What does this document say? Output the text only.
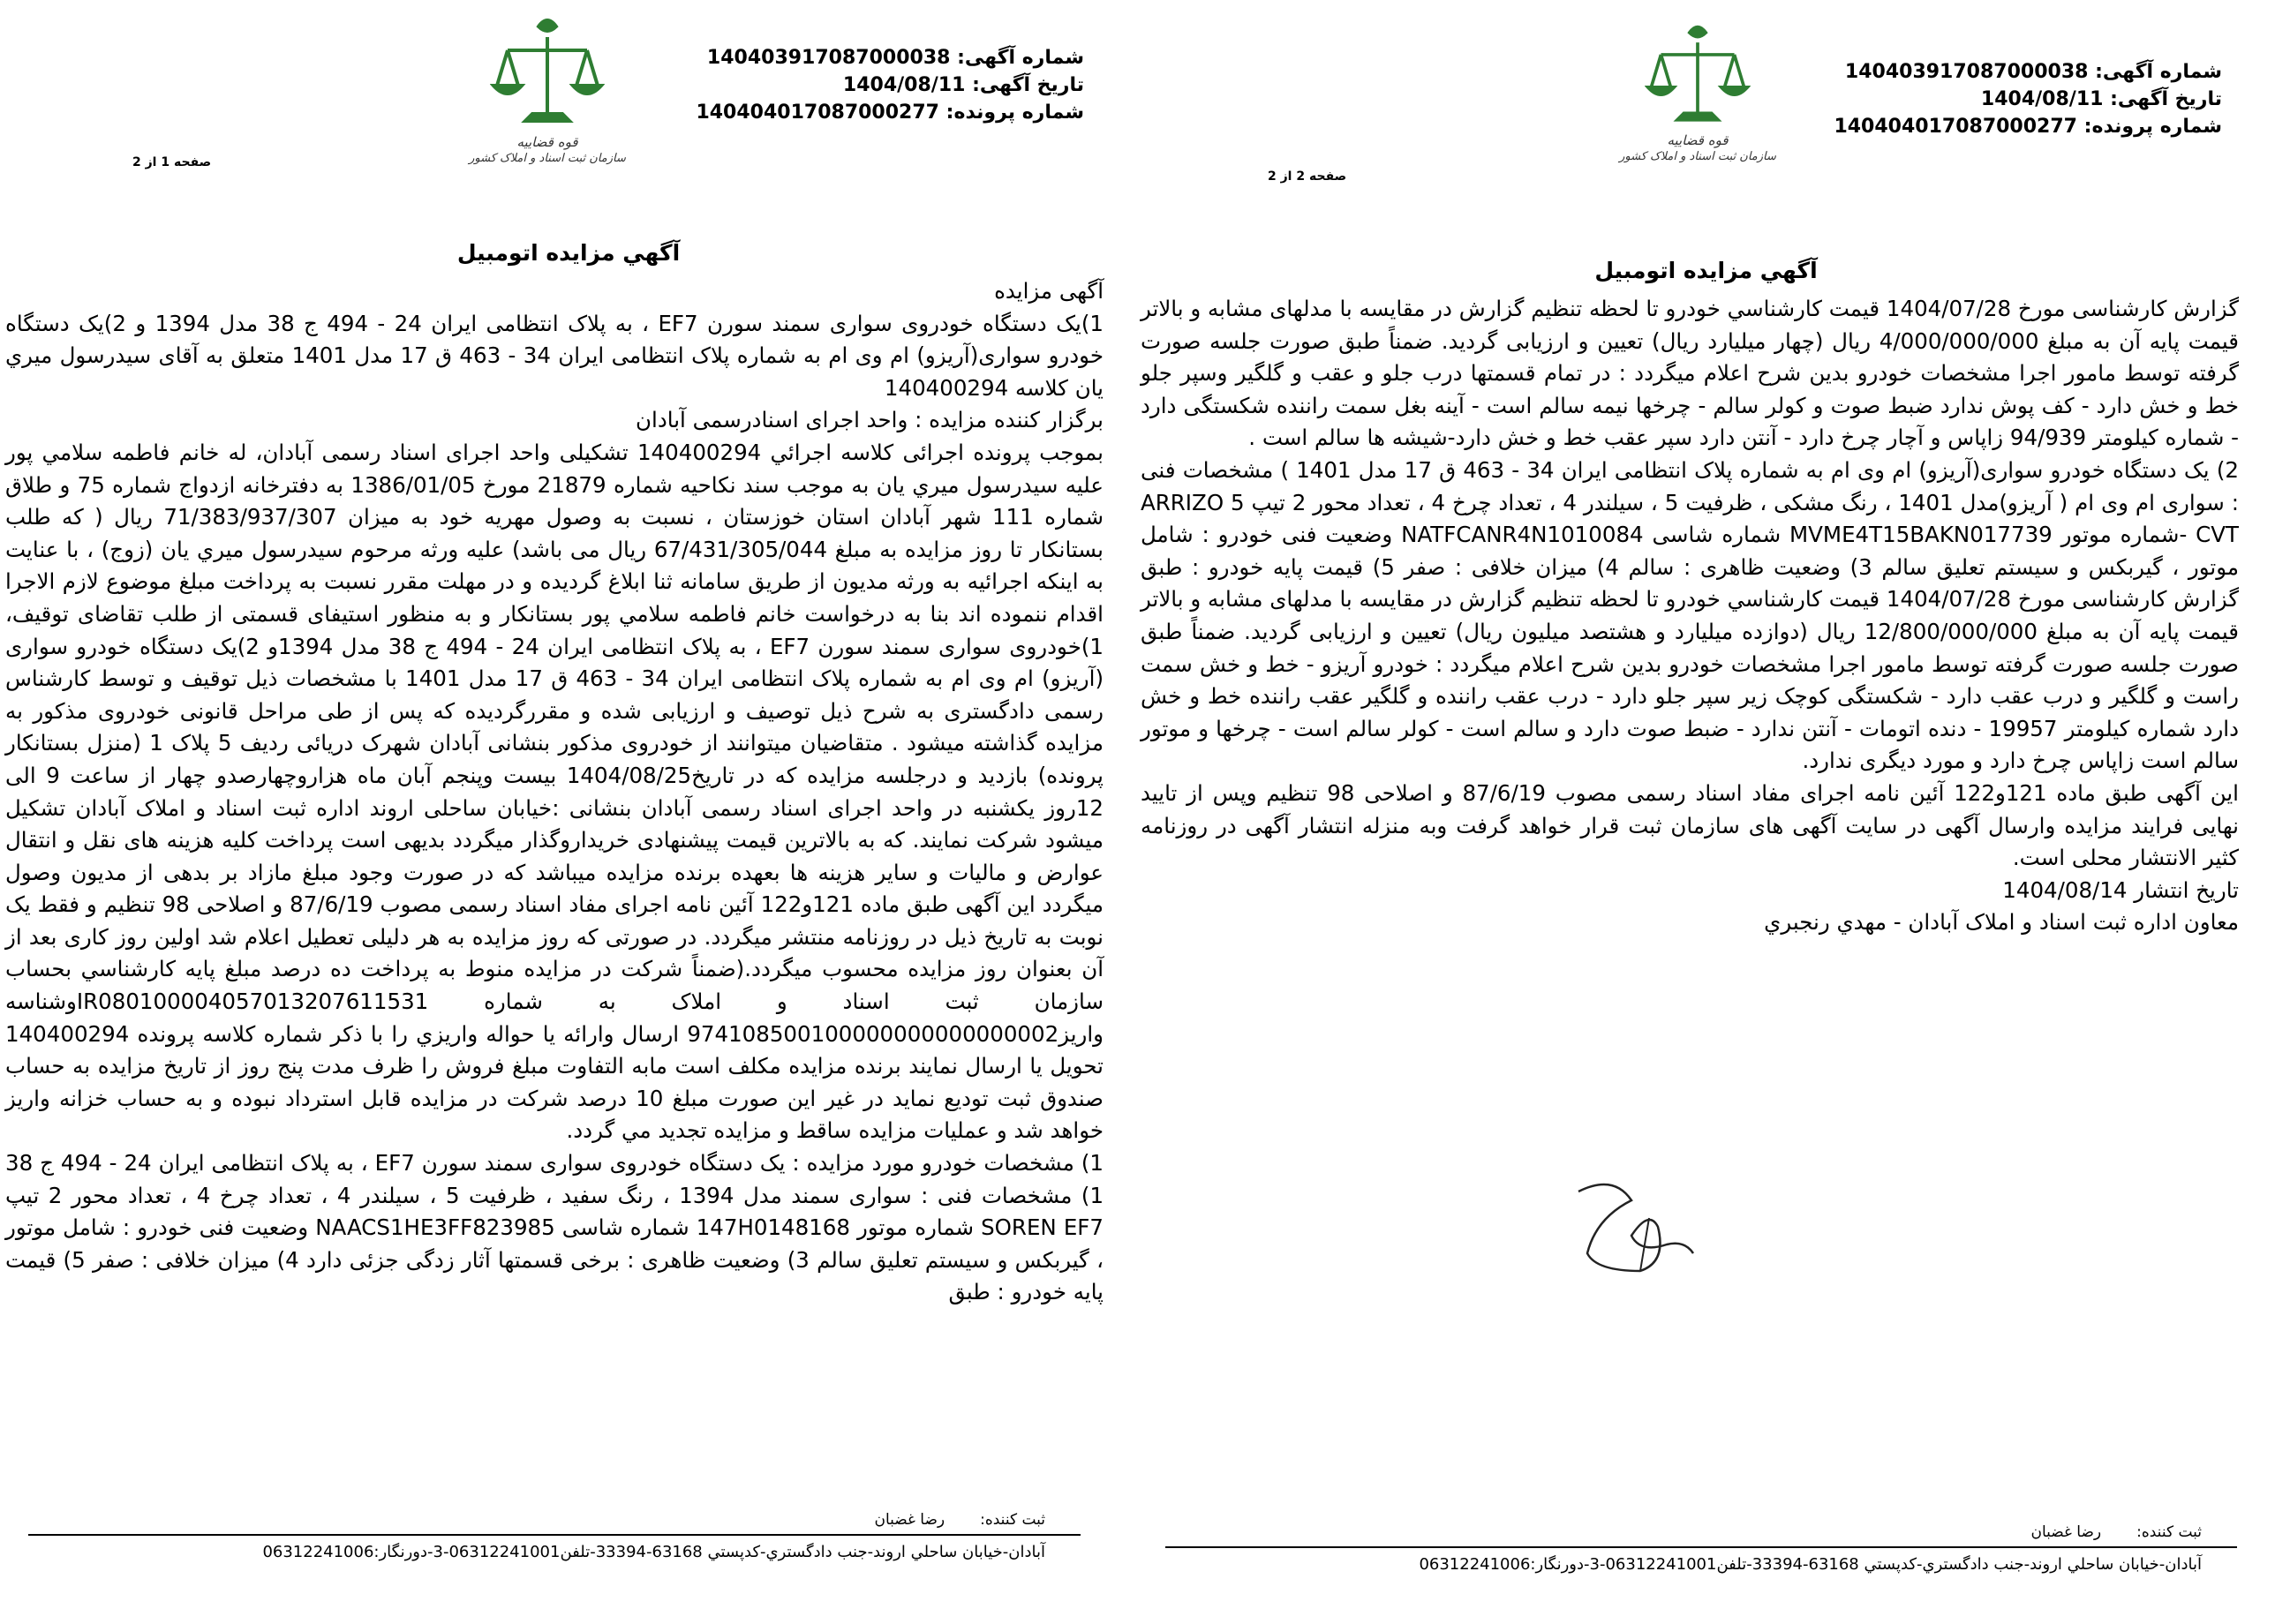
قوه قضاییه
سازمان ثبت اسناد و املاک کشور
شماره آگهی: 140403917087000038
تاریخ آگهی: 1404/08/11
شماره پرونده: 140404017087000277
صفحه 1 از 2
آگهي مزایده اتومبیل

آگهی مزایده

1)یک دستگاه خودروی سواری سمند سورن EF7 ، به پلاک انتظامی ایران 24 - 494 ج 38 مدل 1394 و 2)یک دستگاه خودرو سواری(آریزو) ام وی ام به شماره پلاک انتظامی ایران 34 - 463 ق 17 مدل 1401 متعلق به آقای سیدرسول میري یان کلاسه 140400294

برگزار کننده مزایده : واحد اجرای اسنادرسمی آبادان

بموجب پرونده اجرائی کلاسه اجرائي 140400294 تشکیلی واحد اجرای اسناد رسمی آبادان، له خانم فاطمه سلامي پور علیه سیدرسول میري یان به موجب سند نکاحیه شماره 21879 مورخ 1386/01/05 به دفترخانه ازدواج شماره 75 و طلاق شماره 111 شهر آبادان استان خوزستان ، نسبت به وصول مهریه خود به میزان 71/383/937/307 ریال ( که طلب بستانکار تا روز مزایده به مبلغ 67/431/305/044 ریال می باشد) علیه ورثه مرحوم سیدرسول میري یان (زوج) ، با عنایت به اینکه اجرائیه به ورثه مدیون از طریق سامانه ثنا ابلاغ گردیده و در مهلت مقرر نسبت به پرداخت مبلغ موضوع لازم الاجرا اقدام ننموده اند بنا به درخواست خانم فاطمه سلامي پور بستانکار و به منظور استیفای قسمتی از طلب تقاضای توقیف، 1)خودروی سواری سمند سورن EF7 ، به پلاک انتظامی ایران 24 - 494 ج 38 مدل 1394و 2)یک دستگاه خودرو سواری (آریزو) ام وی ام به شماره پلاک انتظامی ایران 34 - 463 ق 17 مدل 1401 با مشخصات ذیل توقیف و توسط کارشناس رسمی دادگستری به شرح ذیل توصیف و ارزیابی شده و مقررگردیده که پس از طی مراحل قانونی خودروی مذکور به مزایده گذاشته میشود . متقاضیان میتوانند از خودروی مذکور بنشانی آبادان شهرک دریائی ردیف 5 پلاک 1 (منزل بستانکار پرونده) بازدید و درجلسه مزایده که در تاریخ1404/08/25 بیست وپنجم آبان ماه هزاروچهارصدو چهار از ساعت 9 الی 12روز یکشنبه در واحد اجرای اسناد رسمی آبادان بنشانی :خیابان ساحلی اروند اداره ثبت اسناد و املاک آبادان تشکیل میشود شرکت نمایند. که به بالاترین قیمت پیشنهادی خریداروگذار میگردد بدیهی است پرداخت کلیه هزینه های نقل و انتقال عوارض و مالیات و سایر هزینه ها بعهده برنده مزایده میباشد که در صورت وجود مبلغ مازاد بر بدهی از مدیون وصول میگردد این آگهی طبق ماده 121و122 آئین نامه اجرای مفاد اسناد رسمی مصوب 87/6/19 و اصلاحی 98 تنظیم و فقط یک نوبت به تاریخ ذیل در روزنامه منتشر میگردد. در صورتی که روز مزایده به هر دلیلی تعطیل اعلام شد اولین روز کاری بعد از آن بعنوان روز مزایده محسوب میگردد.(ضمناً شرکت در مزایده منوط به پرداخت ده درصد مبلغ پایه کارشناسي بحساب سازمان ثبت اسناد و املاک به شماره IR080100004057013207611531وشناسه واریز974108500100000000000000002 ارسال وارائه یا حواله واریزي را با ذکر شماره کلاسه پرونده 140400294 تحویل یا ارسال نمایند برنده مزایده مکلف است مابه التفاوت مبلغ فروش را ظرف مدت پنج روز از تاریخ مزایده به حساب صندوق ثبت تودیع نماید در غیر این صورت مبلغ 10 درصد شرکت در مزایده قابل استرداد نبوده و به حساب خزانه واریز خواهد شد و عملیات مزایده ساقط و مزایده تجدید مي گردد.

1) مشخصات خودرو مورد مزایده : یک دستگاه خودروی سواری سمند سورن EF7 ، به پلاک انتظامی ایران 24 - 494 ج 38 1) مشخصات فنی : سواری سمند مدل 1394 ، رنگ سفید ، ظرفیت 5 ، سیلندر 4 ، تعداد چرخ 4 ، تعداد محور 2 تیپ SOREN EF7 شماره موتور 147H0148168 شماره شاسی NAACS1HE3FF823985 وضعیت فنی خودرو : شامل موتور ، گیربکس و سیستم تعلیق سالم 3) وضعیت ظاهری : برخی قسمتها آثار زدگی جزئی دارد 4) میزان خلافی : صفر 5) قیمت پایه خودرو : طبق

ثبت کننده:
رضا غضبان
آبادان-خیابان ساحلي اروند-جنب دادگستري-کدپستي 63168-33394-تلفن06312241001-3-دورنگار:06312241006
قوه قضاییه
سازمان ثبت اسناد و املاک کشور
شماره آگهی: 140403917087000038
تاریخ آگهی: 1404/08/11
شماره پرونده: 140404017087000277
صفحه 2 از 2
آگهي مزایده اتومبیل

گزارش کارشناسی مورخ 1404/07/28 قیمت کارشناسي خودرو تا لحظه تنظیم گزارش در مقایسه با مدلهای مشابه و بالاتر قیمت پایه آن به مبلغ 4/000/000/000 ریال (چهار میلیارد ریال) تعیین و ارزیابی گردید. ضمناً طبق صورت جلسه صورت گرفته توسط مامور اجرا مشخصات خودرو بدین شرح اعلام میگردد : در تمام قسمتها درب جلو و عقب و گلگیر وسپر جلو خط و خش دارد - کف پوش ندارد ضبط صوت و کولر سالم - چرخها نیمه سالم است - آینه بغل سمت راننده شکستگی دارد - شماره کیلومتر 94/939 زاپاس و آچار چرخ دارد - آنتن دارد سپر عقب خط و خش دارد-شیشه ها سالم است .

2) یک دستگاه خودرو سواری(آریزو) ام وی ام به شماره پلاک انتظامی ایران 34 - 463 ق 17 مدل 1401 ) مشخصات فنی : سواری ام وی ام ( آریزو)مدل 1401 ، رنگ مشکی ، ظرفیت 5 ، سیلندر 4 ، تعداد چرخ 4 ، تعداد محور 2 تیپ ARRIZO 5 - CVTشماره موتور MVME4T15BAKN017739 شماره شاسی NATFCANR4N1010084 وضعیت فنی خودرو : شامل موتور ، گیربکس و سیستم تعلیق سالم 3) وضعیت ظاهری : سالم 4) میزان خلافی : صفر 5) قیمت پایه خودرو : طبق گزارش کارشناسی مورخ 1404/07/28 قیمت کارشناسي خودرو تا لحظه تنظیم گزارش در مقایسه با مدلهای مشابه و بالاتر قیمت پایه آن به مبلغ 12/800/000/000 ریال (دوازده میلیارد و هشتصد میلیون ریال) تعیین و ارزیابی گردید. ضمناً طبق صورت جلسه صورت گرفته توسط مامور اجرا مشخصات خودرو بدین شرح اعلام میگردد : خودرو آریزو - خط و خش سمت راست و گلگیر و درب عقب دارد - شکستگی کوچک زیر سپر جلو دارد - درب عقب راننده و گلگیر عقب راننده خط و خش دارد شماره کیلومتر 19957 - دنده اتومات - آنتن ندارد - ضبط صوت دارد و سالم است - کولر سالم است - چرخها و موتور سالم است زاپاس چرخ دارد و مورد دیگری ندارد.

این آگهی طبق ماده 121و122 آئین نامه اجرای مفاد اسناد رسمی مصوب 87/6/19 و اصلاحی 98 تنظیم وپس از تایید نهایی فرایند مزایده وارسال آگهی در سایت آگهی های سازمان ثبت قرار خواهد گرفت وبه منزله انتشار آگهی در روزنامه کثیر الانتشار محلی است.

تاریخ انتشار 1404/08/14

معاون اداره ثبت اسناد و املاک آبادان - مهدي رنجبري

ثبت کننده:
رضا غضبان
آبادان-خیابان ساحلي اروند-جنب دادگستري-کدپستي 63168-33394-تلفن06312241001-3-دورنگار:06312241006
